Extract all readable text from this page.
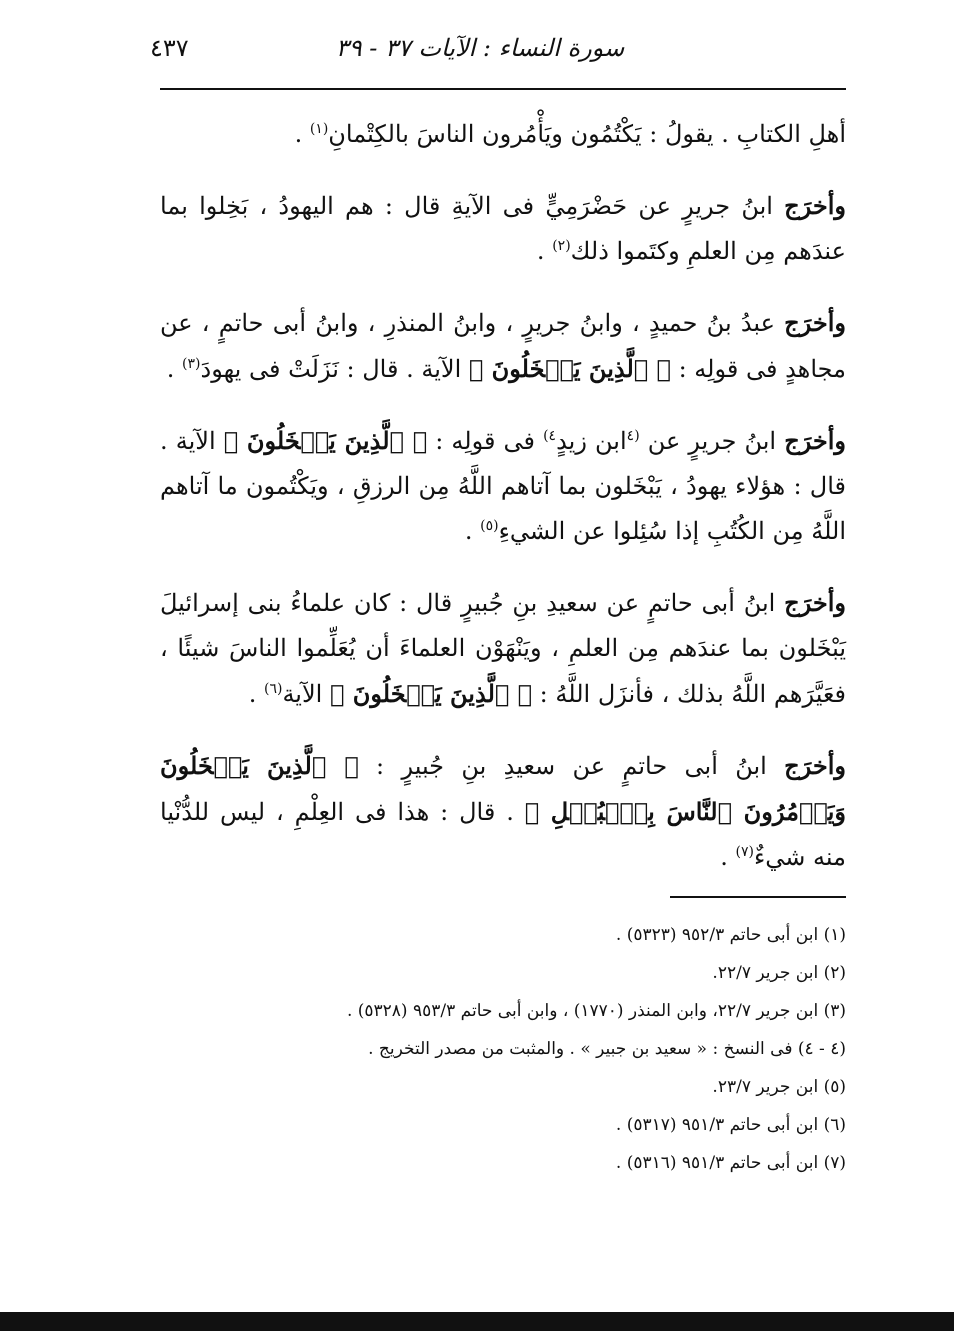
سورة النساء : الآيات ٣٧ - ٣٩
٤٣٧

أهلِ الكتابِ . يقولُ : يَكْتُمُون ويَأْمُرون الناسَ بالكِتْمانِ$^{(١)}$ .

وأخرَج ابنُ جريرٍ عن حَضْرَمِيٍّ فى الآيةِ قال : هم اليهودُ ، بَخِلوا بما عندَهم مِن العلمِ وكتَموا ذلك$^{(٢)}$ .

وأخرَج عبدُ بنُ حميدٍ ، وابنُ جريرٍ ، وابنُ المنذرِ ، وابنُ أبى حاتمٍ ، عن مجاهدٍ فى قولِه : ﴿ ٱلَّذِينَ يَبۡخَلُونَ ﴾ الآية . قال : نَزَلَتْ فى يهودَ$^{(٣)}$ .

وأخرَج ابنُ جريرٍ عن $^{(٤}$ابن زيدٍ$^{٤)}$ فى قولِه : ﴿ ٱلَّذِينَ يَبۡخَلُونَ ﴾ الآية . قال : هؤلاء يهودُ ، يَبْخَلون بما آتاهم اللَّهُ مِن الرزقِ ، ويَكْتُمون ما آتاهم اللَّهُ مِن الكُتُبِ إذا سُئِلوا عن الشيءِ$^{(٥)}$ .

وأخرَج ابنُ أبى حاتمٍ عن سعيدِ بنِ جُبيرٍ قال : كان علماءُ بنى إسرائيلَ يَبْخَلون بما عندَهم مِن العلمِ ، ويَنْهَوْن العلماءَ أن يُعَلِّموا الناسَ شيئًا ، فعَيَّرَهم اللَّهُ بذلك ، فأنزَل اللَّهُ : ﴿ ٱلَّذِينَ يَبۡخَلُونَ ﴾ الآية$^{(٦)}$ .

وأخرَج ابنُ أبى حاتمٍ عن سعيدِ بنِ جُبيرٍ : ﴿ ٱلَّذِينَ يَبۡخَلُونَ وَيَأۡمُرُونَ ٱلنَّاسَ بِٱلۡبُخۡلِ ﴾ . قال : هذا فى العِلْمِ ، ليس للدُّنْيا منه شيءٌ$^{(٧)}$ .

(١) ابن أبى حاتم ٣/‏٩٥٢ (٥٣٢٣) .
(٢) ابن جرير ٧/‏٢٢.
(٣) ابن جرير ٧/‏٢٢، وابن المنذر (١٧٧٠) ، وابن أبى حاتم ٣/‏٩٥٣ (٥٣٢٨) .
(٤ - ٤) فى النسخ : « سعيد بن جبير » . والمثبت من مصدر التخريج .
(٥) ابن جرير ٧/‏٢٣.
(٦) ابن أبى حاتم ٣/‏٩٥١ (٥٣١٧) .
(٧) ابن أبى حاتم ٣/‏٩٥١ (٥٣١٦) .
